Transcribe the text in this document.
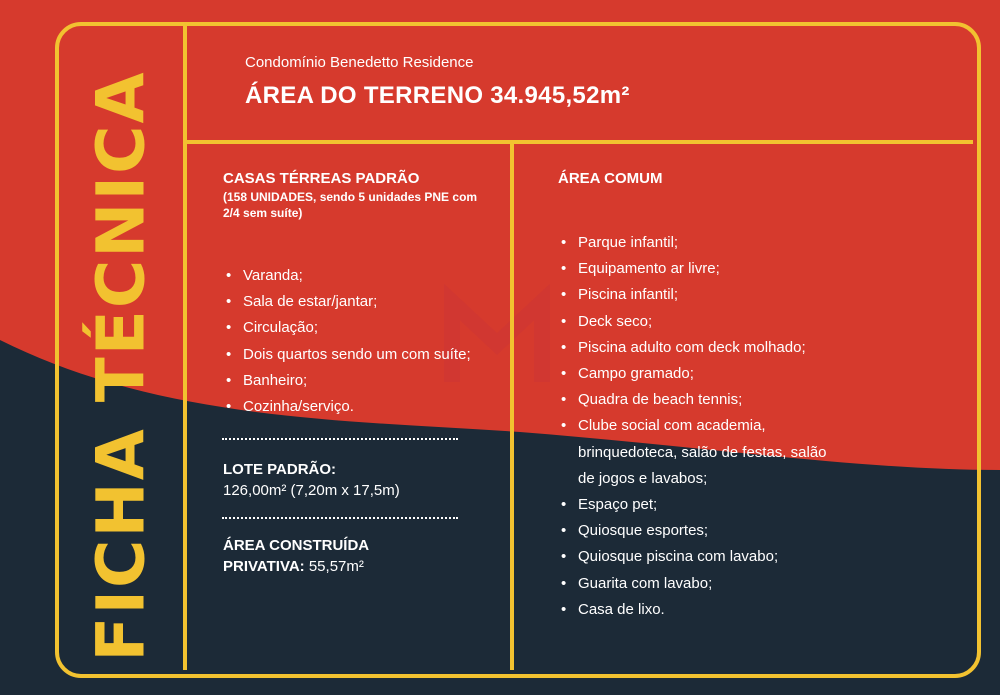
FICHA TÉCNICA
Condomínio Benedetto Residence
ÁREA DO TERRENO 34.945,52m²

CASAS TÉRREAS PADRÃO

(158 UNIDADES, sendo 5 unidades PNE com 2/4 sem suíte)

• Varanda;
• Sala de estar/jantar;
• Circulação;
• Dois quartos sendo um com suíte;
• Banheiro;
• Cozinha/serviço.
LOTE PADRÃO:
126,00m² (7,20m x 17,5m)
ÁREA CONSTRUÍDA
PRIVATIVA: 55,57m²

ÁREA COMUM

• Parque infantil;
• Equipamento ar livre;
• Piscina infantil;
• Deck seco;
• Piscina adulto com deck molhado;
• Campo gramado;
• Quadra de beach tennis;
• Clube social com academia, brinquedoteca, salão de festas, salão de jogos e lavabos;
• Espaço pet;
• Quiosque esportes;
• Quiosque piscina com lavabo;
• Guarita com lavabo;
• Casa de lixo.
